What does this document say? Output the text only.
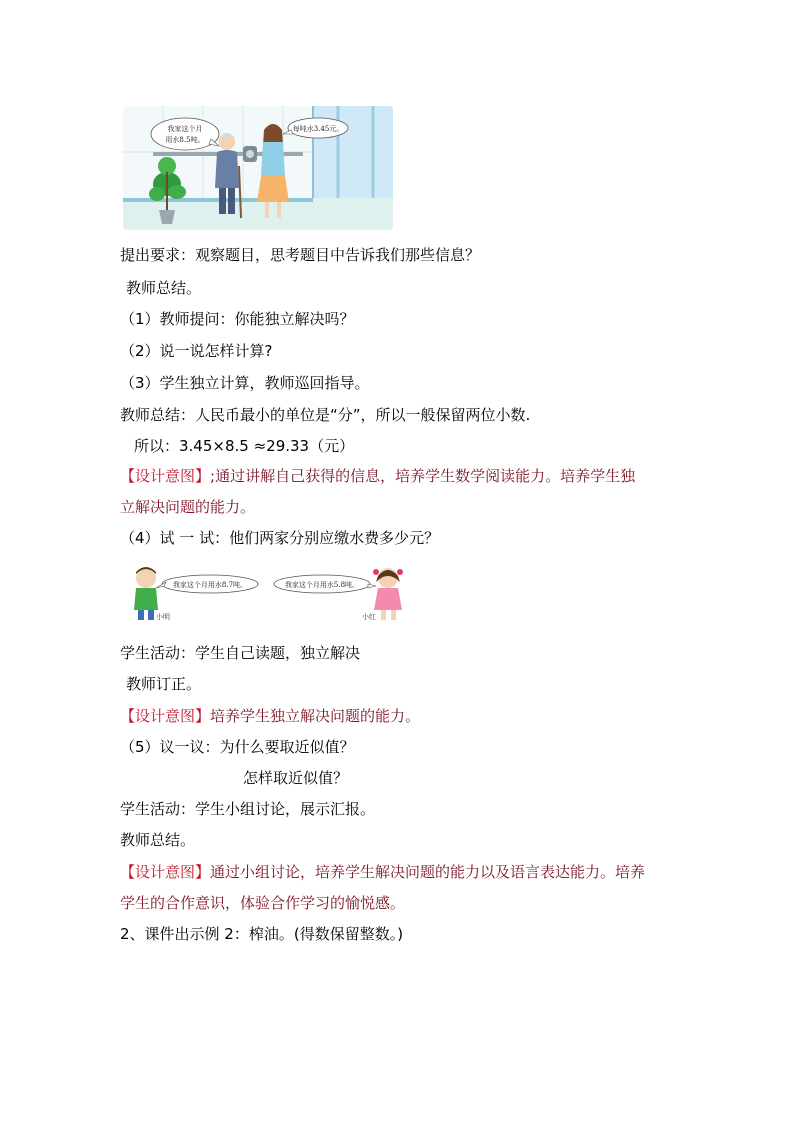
我家这个月
用水8.5吨。
每吨水3.45元。
提出要求：观察题目，思考题目中告诉我们那些信息？
教师总结。
（1）教师提问：你能独立解决吗？
（2）说一说怎样计算?
（3）学生独立计算，教师巡回指导。
教师总结：人民币最小的单位是“分”，所以一般保留两位小数.
所以：3.45×8.5 ≈29.33（元）
【设计意图】;通过讲解自己获得的信息，培养学生数学阅读能力。培养学生独
立解决问题的能力。
（4）试 一 试：他们两家分别应缴水费多少元？
我家这个月用水8.7吨。
小明
我家这个月用水5.8吨。
小红
学生活动：学生自己读题，独立解决
教师订正。
【设计意图】培养学生独立解决问题的能力。
（5）议一议：为什么要取近似值？
怎样取近似值？
学生活动：学生小组讨论，展示汇报。
教师总结。
【设计意图】通过小组讨论，培养学生解决问题的能力以及语言表达能力。培养
学生的合作意识，体验合作学习的愉悦感。
2、课件出示例 2：榨油。(得数保留整数。)
